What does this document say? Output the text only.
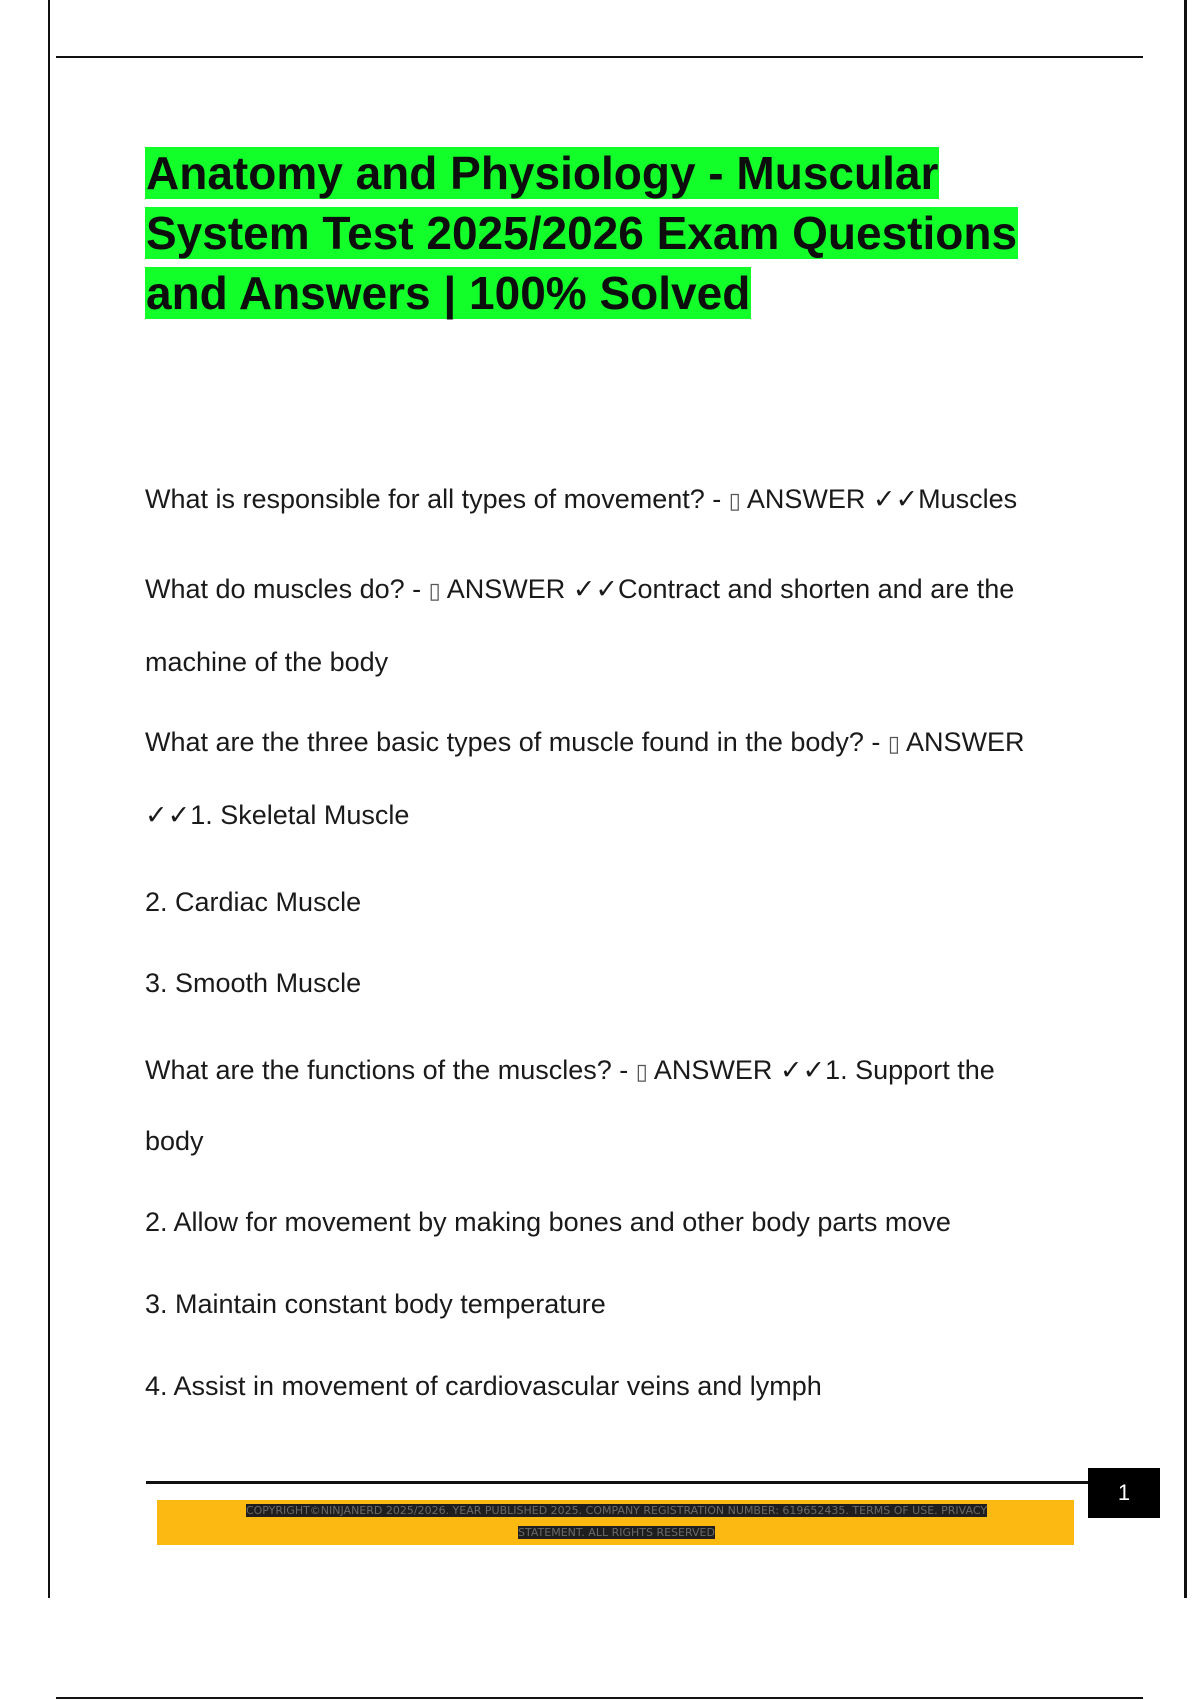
Anatomy and Physiology - Muscular
System Test 2025/2026 Exam Questions
and Answers | 100% Solved
What is responsible for all types of movement? - ▯ ANSWER ✓✓Muscles
What do muscles do? - ▯ ANSWER ✓✓Contract and shorten and are the
machine of the body
What are the three basic types of muscle found in the body? - ▯ ANSWER
✓✓1. Skeletal Muscle
2. Cardiac Muscle
3. Smooth Muscle
What are the functions of the muscles? - ▯ ANSWER ✓✓1. Support the
body
2. Allow for movement by making bones and other body parts move
3. Maintain constant body temperature
4. Assist in movement of cardiovascular veins and lymph
1
COPYRIGHT©NINJANERD 2025/2026. YEAR PUBLISHED 2025. COMPANY REGISTRATION NUMBER: 619652435. TERMS OF USE. PRIVACY
STATEMENT. ALL RIGHTS RESERVED
